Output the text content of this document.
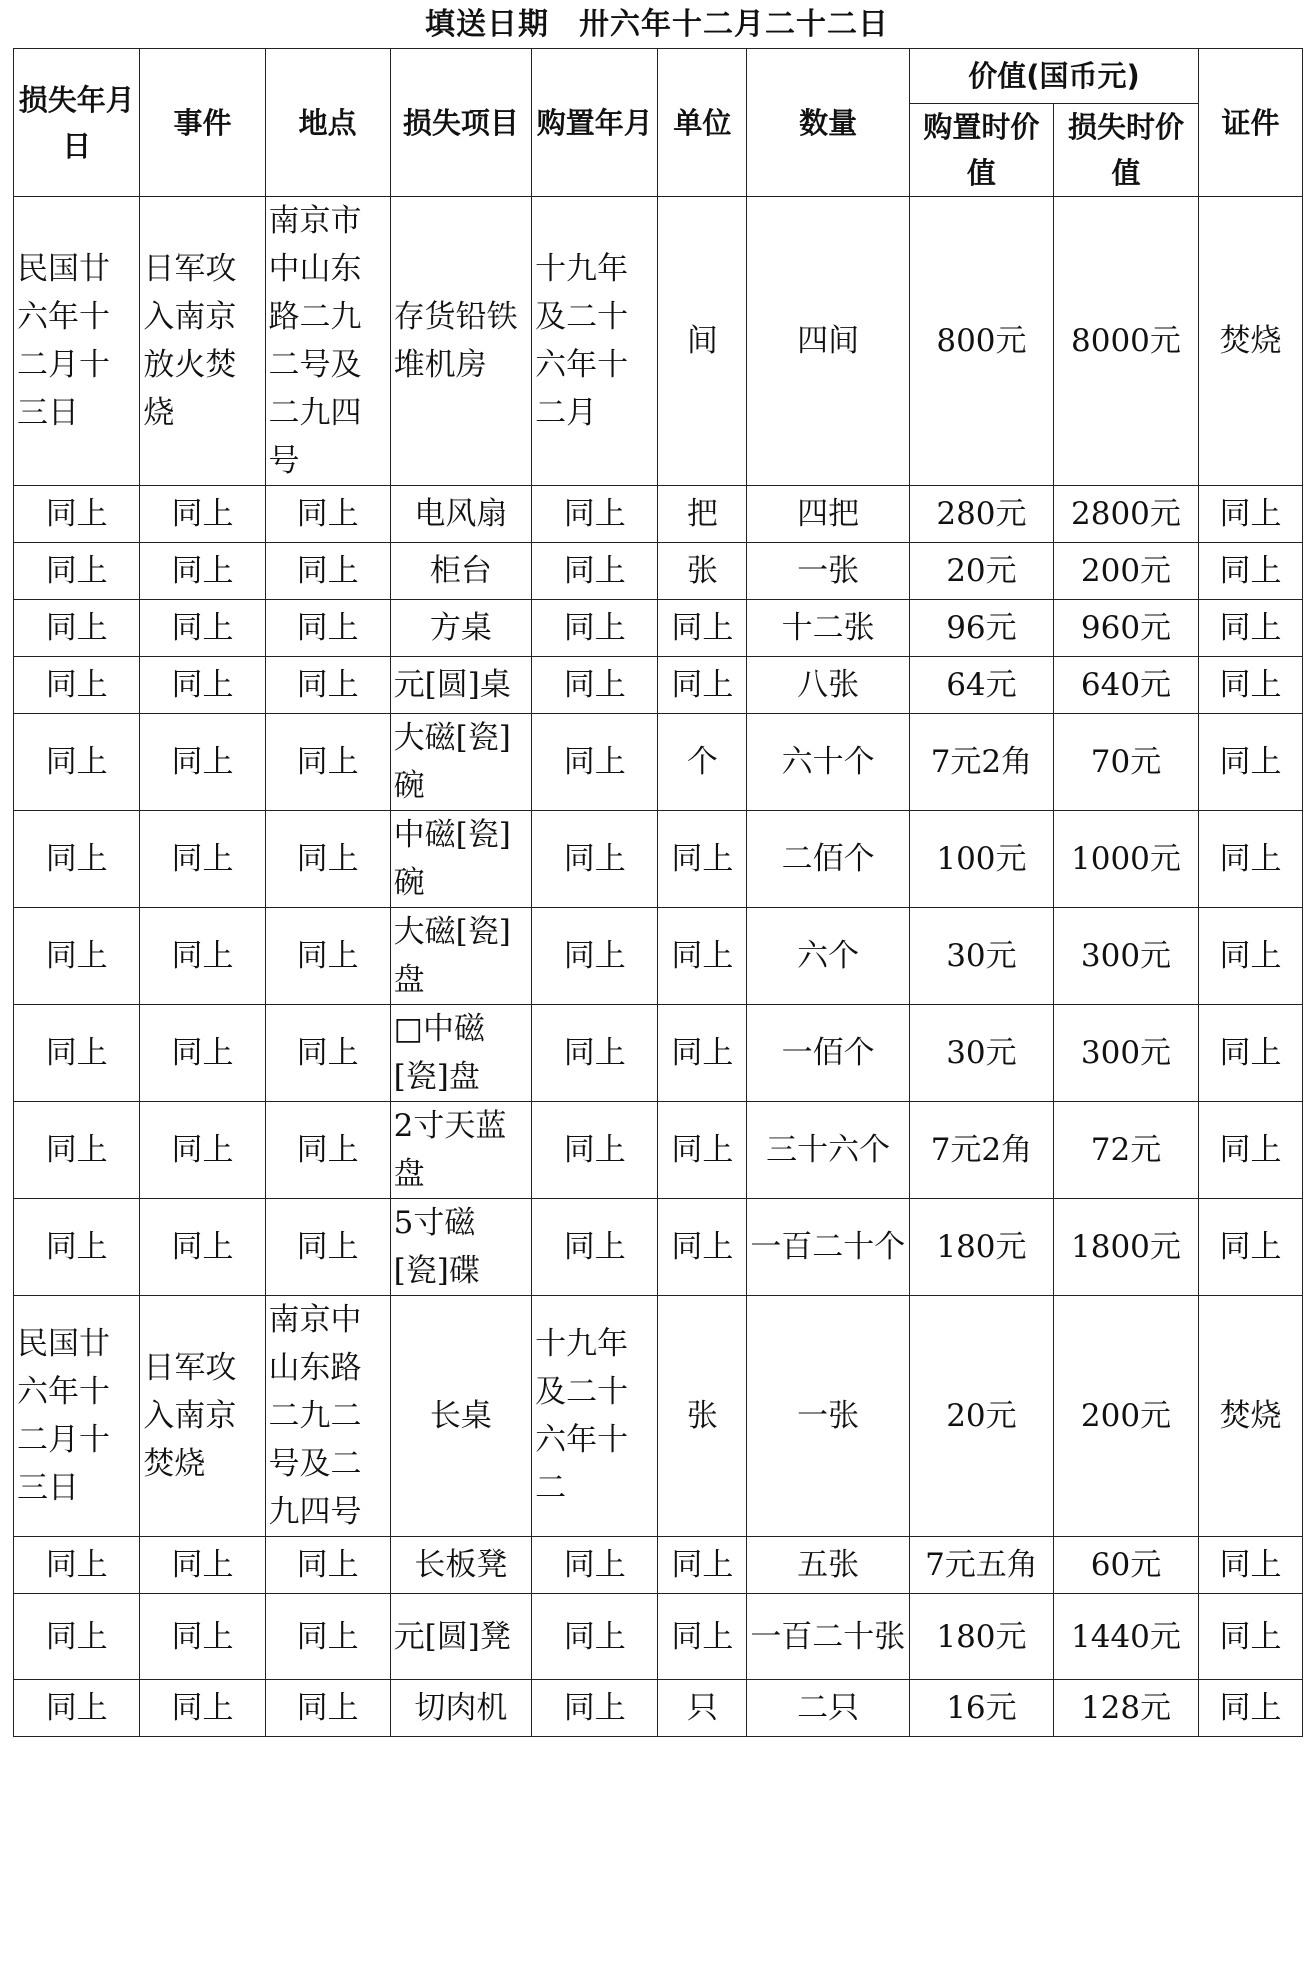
填送日期 卅六年十二月二十二日
损失年月日	事件	地点	损失项目	购置年月	单位	数量	价值(国币元)		证件
							购置时价值	损失时价值	
民国廿六年十二月十三日	日军攻入南京放火焚烧	南京市中山东路二九二号及二九四号	存货铅铁堆机房	十九年及二十六年十二月	间	四间	800元	8000元	焚烧
同上	同上	同上	电风扇	同上	把	四把	280元	2800元	同上
同上	同上	同上	柜台	同上	张	一张	20元	200元	同上
同上	同上	同上	方桌	同上	同上	十二张	96元	960元	同上
同上	同上	同上	元[圆]桌	同上	同上	八张	64元	640元	同上
同上	同上	同上	大磁[瓷]碗	同上	个	六十个	7元2角	70元	同上
同上	同上	同上	中磁[瓷]碗	同上	同上	二佰个	100元	1000元	同上
同上	同上	同上	大磁[瓷]盘	同上	同上	六个	30元	300元	同上
同上	同上	同上	□中磁[瓷]盘	同上	同上	一佰个	30元	300元	同上
同上	同上	同上	2寸天蓝盘	同上	同上	三十六个	7元2角	72元	同上
同上	同上	同上	5寸磁[瓷]碟	同上	同上	一百二十个	180元	1800元	同上
民国廿六年十二月十三日	日军攻入南京焚烧	南京中山东路二九二号及二九四号	长桌	十九年及二十六年十二	张	一张	20元	200元	焚烧
同上	同上	同上	长板凳	同上	同上	五张	7元五角	60元	同上
同上	同上	同上	元[圆]凳	同上	同上	一百二十张	180元	1440元	同上
同上	同上	同上	切肉机	同上	只	二只	16元	128元	同上
